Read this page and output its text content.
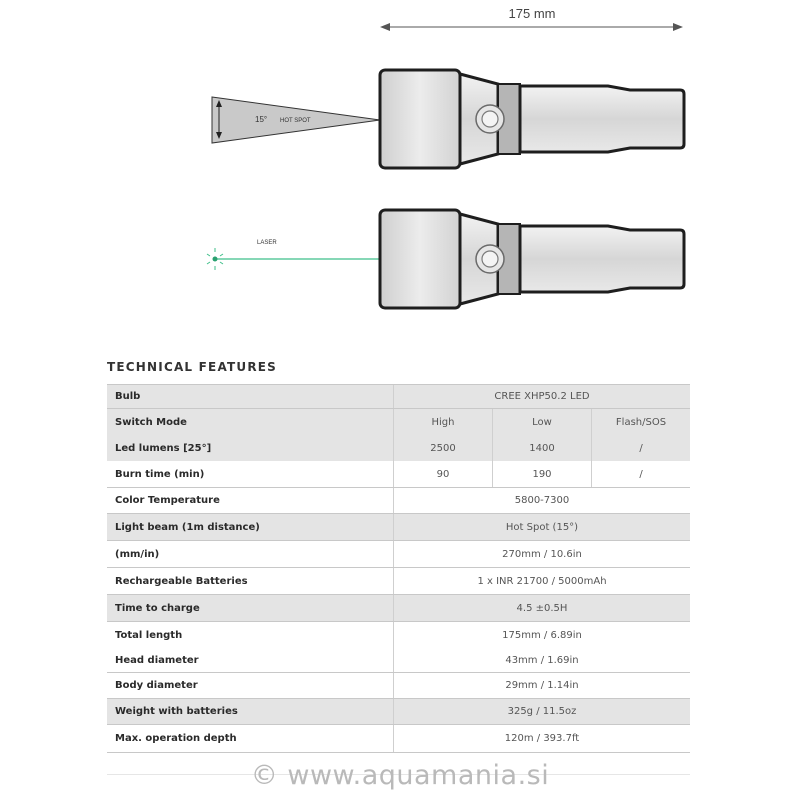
175 mm
15° HOT SPOT
LASER
TECHNICAL FEATURES
Bulb	CREE XHP50.2 LED
Switch Mode	High	Low	Flash/SOS
Led lumens [25°]	2500	1400	/
Burn time (min)	90	190	/
Color Temperature	5800-7300
Light beam (1m distance)	Hot Spot (15°)
(mm/in)	270mm / 10.6in
Rechargeable Batteries	1 x INR 21700 / 5000mAh
Time to charge	4.5 ±0.5H
Total length	175mm / 6.89in
Head diameter	43mm / 1.69in
Body diameter	29mm / 1.14in
Weight with batteries	325g / 11.5oz
Max. operation depth	120m / 393.7ft
© www.aquamania.si
